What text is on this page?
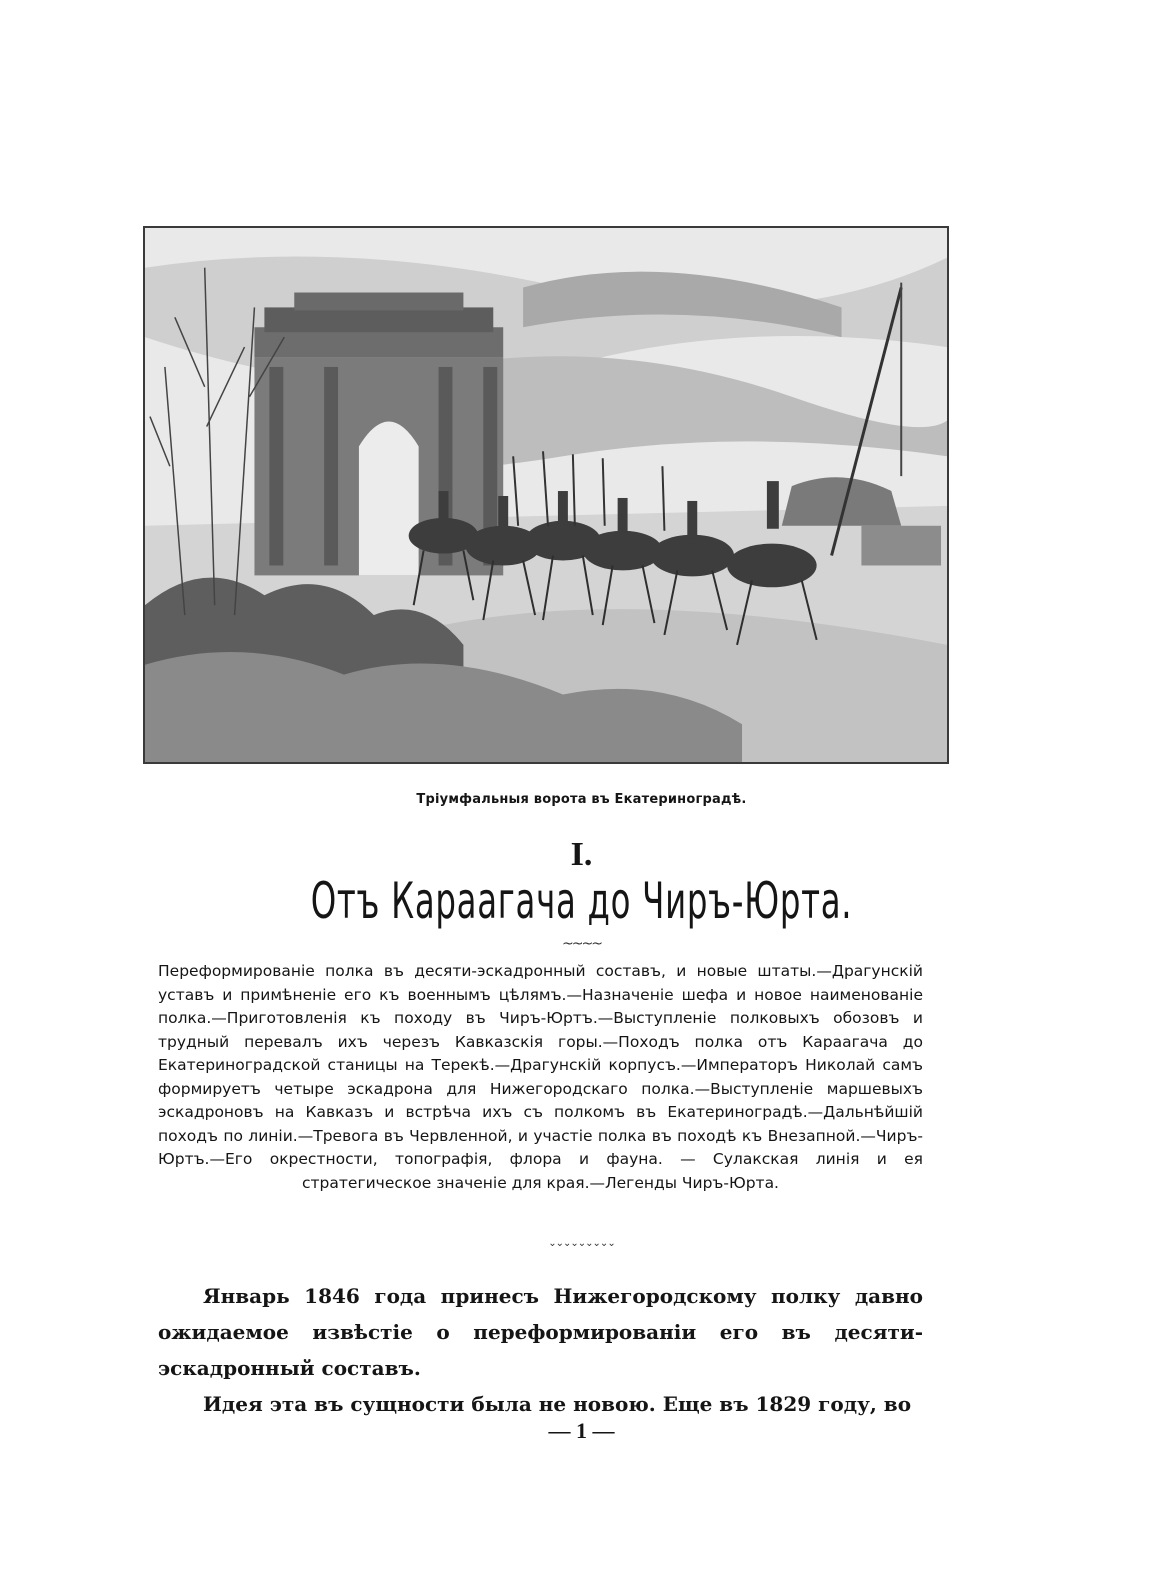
Тріумфальныя ворота въ Екатериноградѣ.
I.
Отъ Караагача до Чиръ-Юрта.
~~~~
Переформированіе полка въ десяти-эскадронный составъ, и новые штаты.—Драгунскій уставъ и примѣненіе его къ военнымъ цѣлямъ.—Назначеніе шефа и новое наименованіе полка.—Приготовленія къ походу въ Чиръ-Юртъ.—Выступленіе полковыхъ обозовъ и трудный перевалъ ихъ черезъ Кавказскія горы.—Походъ полка отъ Караагача до Екатериноградской станицы на Терекѣ.—Драгунскій корпусъ.—Императоръ Николай самъ формируетъ четыре эскадрона для Нижегородскаго полка.—Выступленіе маршевыхъ эскадроновъ на Кавказъ и встрѣча ихъ съ полкомъ въ Екатериноградѣ.—Дальнѣйшій походъ по линіи.—Тревога въ Червленной, и участіе полка въ походѣ къ Внезапной.—Чиръ-Юртъ.—Его окрестности, топографія, флора и фауна. — Сулакская линія и ея стратегическое значеніе для края.—Легенды Чиръ-Юрта.
⌄⌄⌄⌄⌄⌄⌄⌄⌄

Январь 1846 года принесъ Нижегородскому полку давно ожидаемое извѣстіе о переформированіи его въ десяти-эскадронный составъ.

Идея эта въ сущности была не новою. Еще въ 1829 году, во

— 1 —
